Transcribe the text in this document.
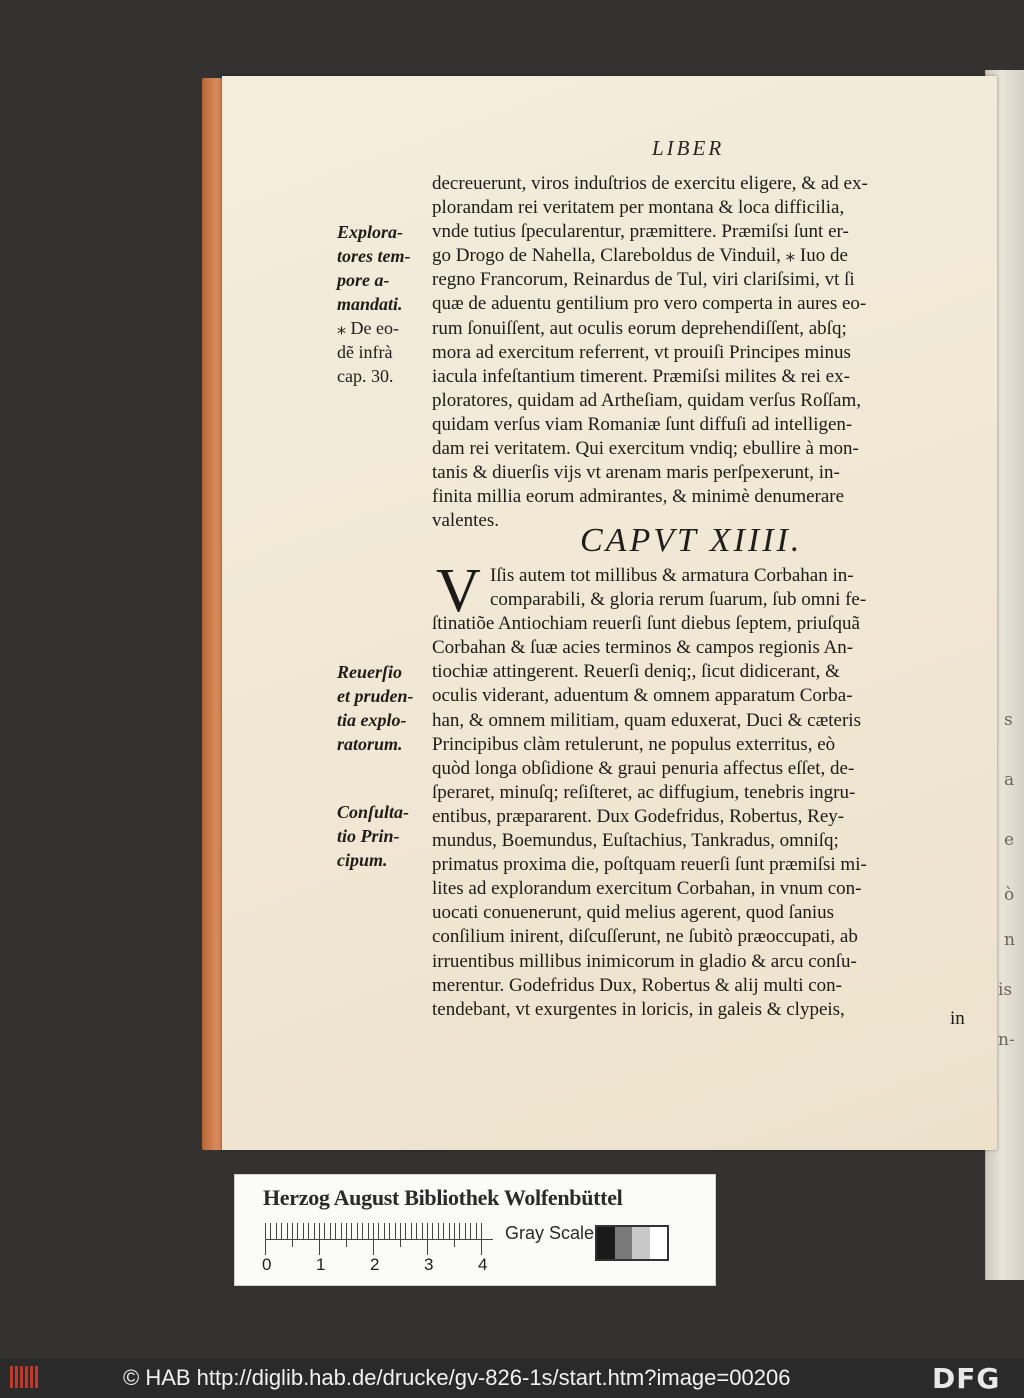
s
a
e
ò
n
is
n-
LIBER
Explora-
tores tem-
pore a-
mandati.
⁎ De eo-
dẽ infrà
cap. 30.
decreuerunt, viros induſtrios de exercitu eligere, & ad ex-
plorandam rei veritatem per montana & loca difficilia,
vnde tutius ſpecularentur, præmittere. Præmiſsi ſunt er-
go Drogo de Nahella, Clareboldus de Vinduil, ⁎ Iuo de
regno Francorum, Reinardus de Tul, viri clariſsimi, vt ſi
quæ de aduentu gentilium pro vero comperta in aures eo-
rum ſonuiſſent, aut oculis eorum deprehendiſſent, abſq;
mora ad exercitum referrent, vt prouiſi Principes minus
iacula infeſtantium timerent. Præmiſsi milites & rei ex-
ploratores, quidam ad Artheſiam, quidam verſus Roſſam,
quidam verſus viam Romaniæ ſunt diffuſi ad intelligen-
dam rei veritatem. Qui exercitum vndiq; ebullire à mon-
tanis & diuerſis vijs vt arenam maris perſpexerunt, in-
finita millia eorum admirantes, & minimè denumerare
valentes.
CAPVT XIIII.
V
Reuerſio
et pruden-
tia explo-
ratorum.
Conſulta-
tio Prin-
cipum.
Iſis autem tot millibus & armatura Corbahan in-
comparabili, & gloria rerum ſuarum, ſub omni fe-
ſtinatiõe Antiochiam reuerſi ſunt diebus ſeptem, priuſquã
Corbahan & ſuæ acies terminos & campos regionis An-
tiochiæ attingerent. Reuerſi deniq;, ſicut didicerant, &
oculis viderant, aduentum & omnem apparatum Corba-
han, & omnem militiam, quam eduxerat, Duci & cæteris
Principibus clàm retulerunt, ne populus exterritus, eò
quòd longa obſidione & graui penuria affectus eſſet, de-
ſperaret, minuſq; reſiſteret, ac diffugium, tenebris ingru-
entibus, præpararent. Dux Godefridus, Robertus, Rey-
mundus, Boemundus, Euſtachius, Tankradus, omniſq;
primatus proxima die, poſtquam reuerſi ſunt præmiſsi mi-
lites ad explorandum exercitum Corbahan, in vnum con-
uocati conuenerunt, quid melius agerent, quod ſanius
conſilium inirent, diſcuſſerunt, ne ſubitò præoccupati, ab
irruentibus millibus inimicorum in gladio & arcu conſu-
merentur. Godefridus Dux, Robertus & alij multi con-
tendebant, vt exurgentes in loricis, in galeis & clypeis,	in
Herzog August Bibliothek Wolfenbüttel
0	1	2	3	4
Gray Scale
© HAB http://diglib.hab.de/drucke/gv-826-1s/start.htm?image=00206	DFG
